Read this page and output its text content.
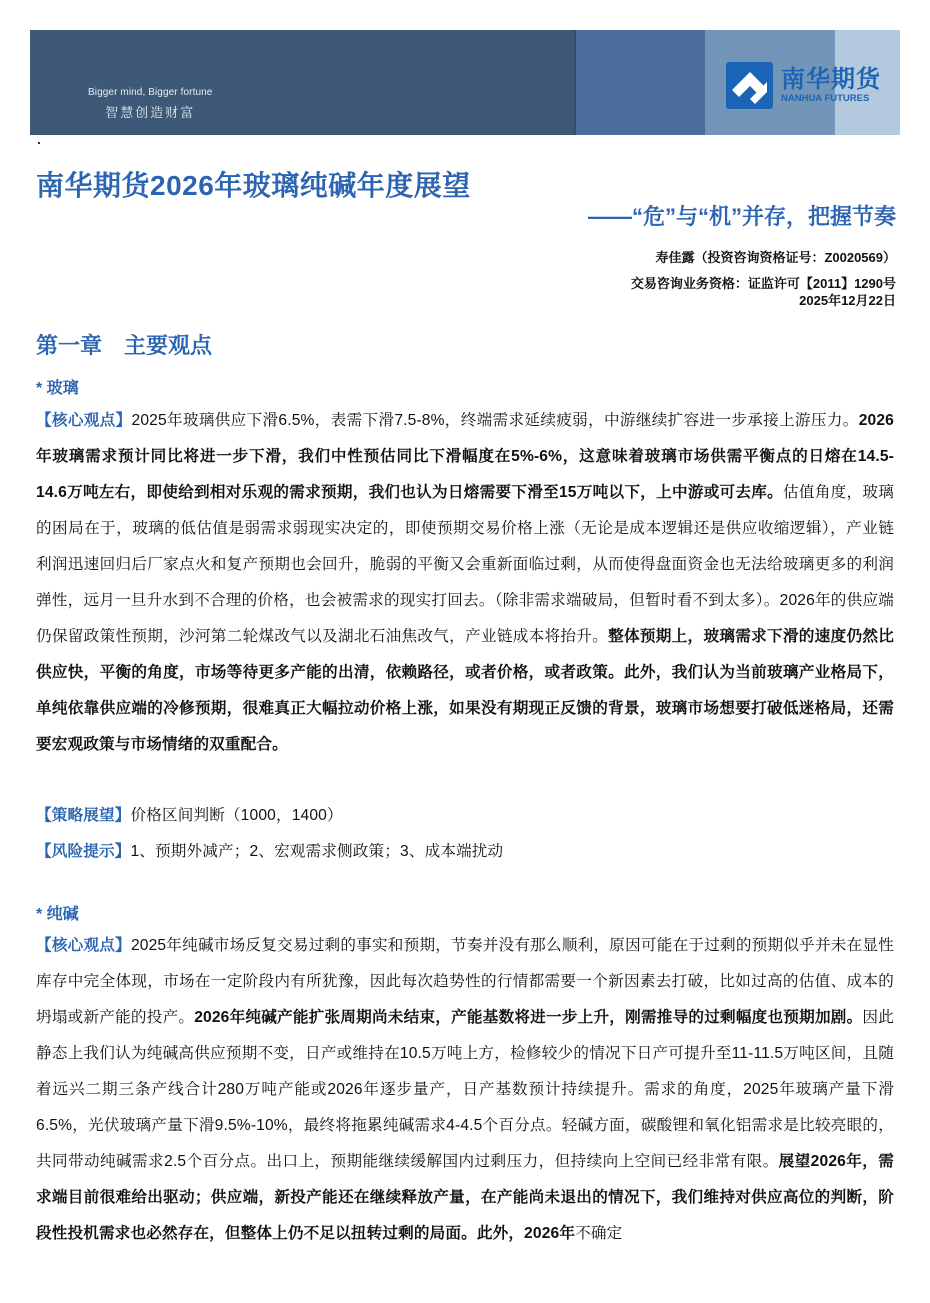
Bigger mind, Bigger fortune
智慧创造财富
南华期货
NANHUA FUTURES
南华期货2026年玻璃纯碱年度展望
——“危”与“机”并存，把握节奏
寿佳露（投资咨询资格证号：Z0020569）
交易咨询业务资格：证监许可【2011】1290号
2025年12月22日
第一章　主要观点
* 玻璃
【核心观点】2025年玻璃供应下滑6.5%，表需下滑7.5-8%，终端需求延续疲弱，中游继续扩容进一步承接上游压力。2026年玻璃需求预计同比将进一步下滑，我们中性预估同比下滑幅度在5%-6%，这意味着玻璃市场供需平衡点的日熔在14.5-14.6万吨左右，即使给到相对乐观的需求预期，我们也认为日熔需要下滑至15万吨以下，上中游或可去库。估值角度，玻璃的困局在于，玻璃的低估值是弱需求弱现实决定的，即使预期交易价格上涨（无论是成本逻辑还是供应收缩逻辑），产业链利润迅速回归后厂家点火和复产预期也会回升，脆弱的平衡又会重新面临过剩，从而使得盘面资金也无法给玻璃更多的利润弹性，远月一旦升水到不合理的价格，也会被需求的现实打回去。（除非需求端破局，但暂时看不到太多）。2026年的供应端仍保留政策性预期，沙河第二轮煤改气以及湖北石油焦改气，产业链成本将抬升。整体预期上，玻璃需求下滑的速度仍然比供应快，平衡的角度，市场等待更多产能的出清，依赖路径，或者价格，或者政策。此外，我们认为当前玻璃产业格局下，单纯依靠供应端的冷修预期，很难真正大幅拉动价格上涨，如果没有期现正反馈的背景，玻璃市场想要打破低迷格局，还需要宏观政策与市场情绪的双重配合。
【策略展望】价格区间判断（1000，1400）
【风险提示】1、预期外减产；2、宏观需求侧政策；3、成本端扰动
* 纯碱
【核心观点】2025年纯碱市场反复交易过剩的事实和预期，节奏并没有那么顺利，原因可能在于过剩的预期似乎并未在显性库存中完全体现，市场在一定阶段内有所犹豫，因此每次趋势性的行情都需要一个新因素去打破，比如过高的估值、成本的坍塌或新产能的投产。2026年纯碱产能扩张周期尚未结束，产能基数将进一步上升，刚需推导的过剩幅度也预期加剧。因此静态上我们认为纯碱高供应预期不变，日产或维持在10.5万吨上方，检修较少的情况下日产可提升至11-11.5万吨区间，且随着远兴二期三条产线合计280万吨产能或2026年逐步量产，日产基数预计持续提升。需求的角度，2025年玻璃产量下滑6.5%，光伏玻璃产量下滑9.5%-10%，最终将拖累纯碱需求4-4.5个百分点。轻碱方面，碳酸锂和氧化铝需求是比较亮眼的，共同带动纯碱需求2.5个百分点。出口上，预期能继续缓解国内过剩压力，但持续向上空间已经非常有限。展望2026年，需求端目前很难给出驱动；供应端，新投产能还在继续释放产量，在产能尚未退出的情况下，我们维持对供应高位的判断，阶段性投机需求也必然存在，但整体上仍不足以扭转过剩的局面。此外，2026年不确定
